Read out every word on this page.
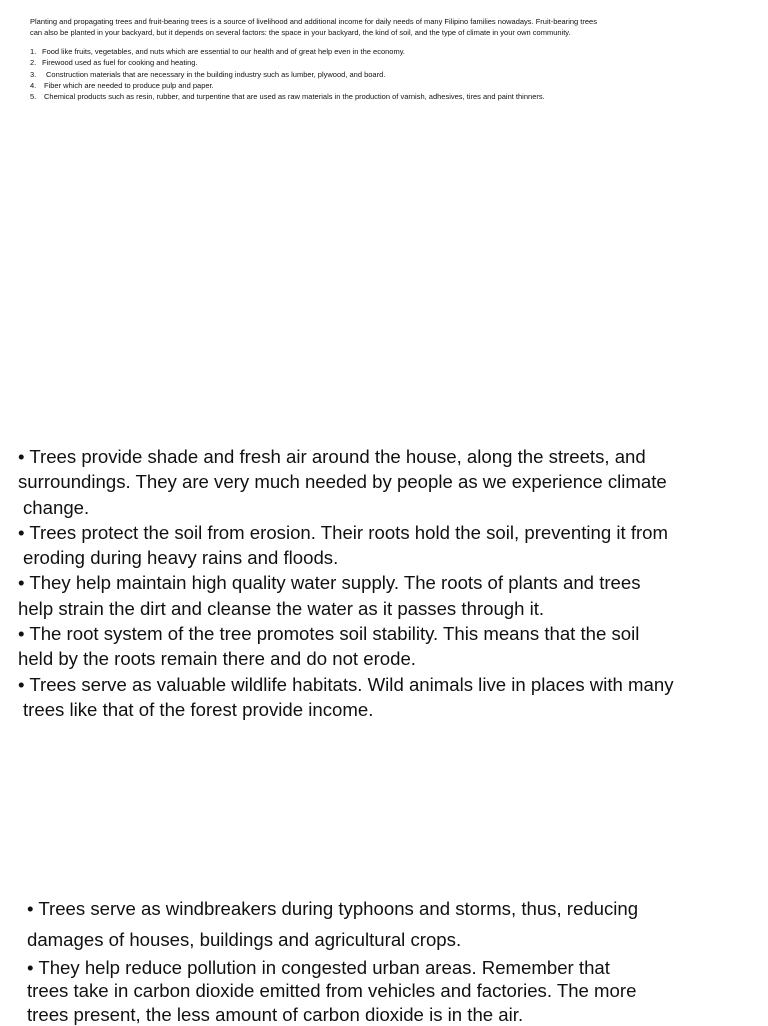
Planting and propagating trees and fruit-bearing trees is a source of livelihood and additional income for daily needs of many Filipino families nowadays. Fruit-bearing trees can also be planted in your backyard, but it depends on several factors: the space in your backyard, the kind of soil, and the type of climate in your own community.

1. Food like fruits, vegetables, and nuts which are essential to our health and of great help even in the economy.
2. Firewood used as fuel for cooking and heating.
3. Construction materials that are necessary in the building industry such as lumber, plywood, and board.
4. Fiber which are needed to produce pulp and paper.
5. Chemical products such as resin, rubber, and turpentine that are used as raw materials in the production of varnish, adhesives, tires and paint thinners.

• Trees provide shade and fresh air around the house, along the streets, and
surroundings. They are very much needed by people as we experience climate
change.

• Trees protect the soil from erosion. Their roots hold the soil, preventing it from
eroding during heavy rains and floods.

• They help maintain high quality water supply. The roots of plants and trees
help strain the dirt and cleanse the water as it passes through it.

• The root system of the tree promotes soil stability. This means that the soil
held by the roots remain there and do not erode.

• Trees serve as valuable wildlife habitats. Wild animals live in places with many
trees like that of the forest provide income.

• Trees serve as windbreakers during typhoons and storms, thus, reducing
damages of houses, buildings and agricultural crops.

• They help reduce pollution in congested urban areas. Remember that
trees take in carbon dioxide emitted from vehicles and factories. The more
trees present, the less amount of carbon dioxide is in the air.
